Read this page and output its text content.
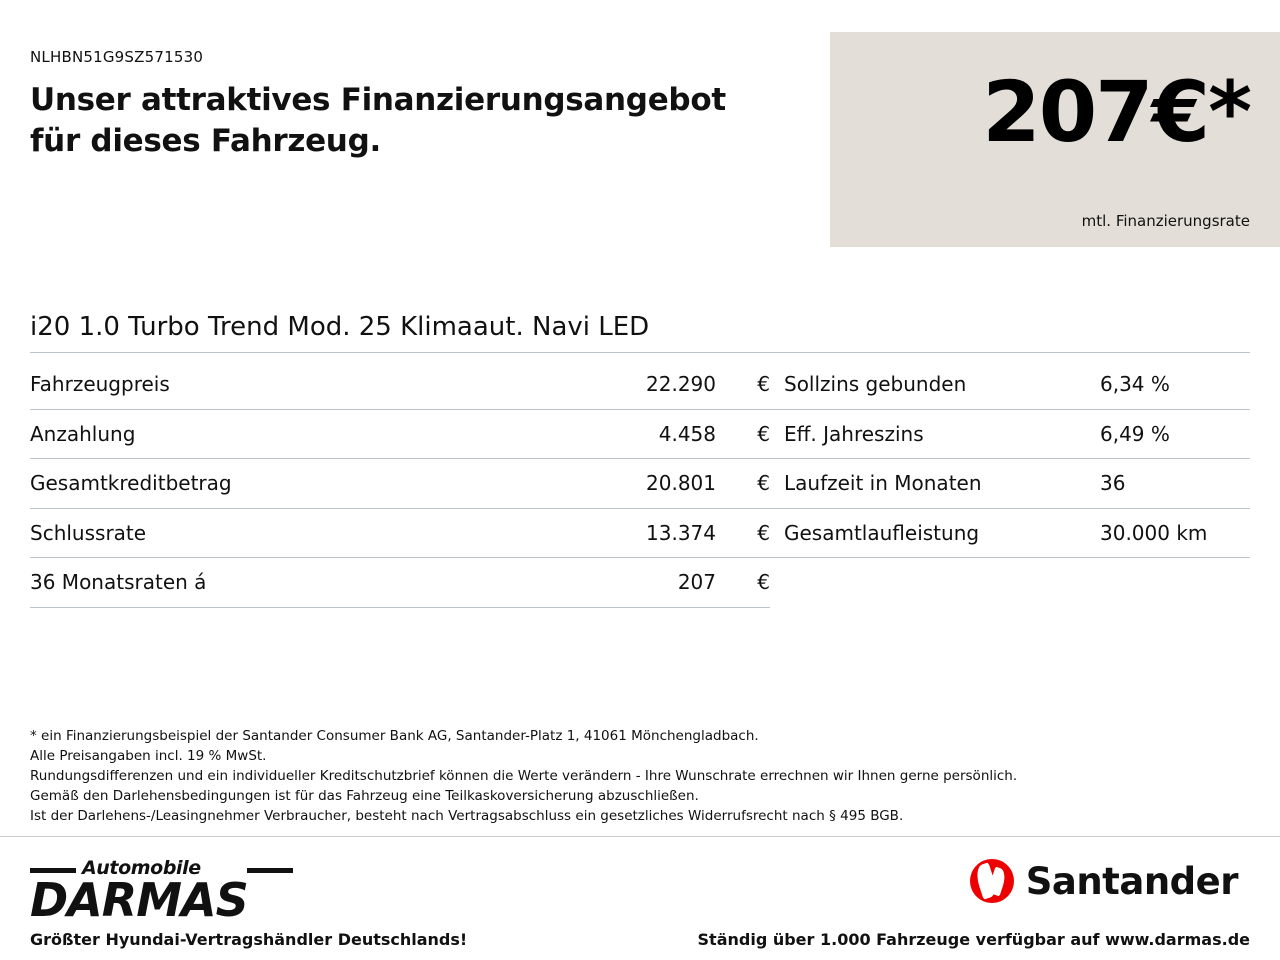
NLHBN51G9SZ571530
Unser attraktives Finanzierungsangebot
für dieses Fahrzeug.	207€*
mtl. Finanzierungsrate
i20 1.0 Turbo Trend Mod. 25 Klimaaut. Navi LED
Fahrzeugpreis	22.290	€ Sollzins gebunden	6,34 %
Anzahlung	4.458	€ Eff. Jahreszins	6,49 %
Gesamtkreditbetrag	20.801	€ Laufzeit in Monaten	36
Schlussrate	13.374	€ Gesamtlaufleistung	30.000 km
36 Monatsraten á	207	€
* ein Finanzierungsbeispiel der Santander Consumer Bank AG, Santander-Platz 1, 41061 Mönchengladbach.
Alle Preisangaben incl. 19 % MwSt.
Rundungsdifferenzen und ein individueller Kreditschutzbrief können die Werte verändern - Ihre Wunschrate errechnen wir Ihnen gerne persönlich.
Gemäß den Darlehensbedingungen ist für das Fahrzeug eine Teilkaskoversicherung abzuschließen.
Ist der Darlehens-/Leasingnehmer Verbraucher, besteht nach Vertragsabschluss ein gesetzliches Widerrufsrecht nach § 495 BGB.
Automobile
DARMAS	Santander
Größter Hyundai-Vertragshändler Deutschlands!	Ständig über 1.000 Fahrzeuge verfügbar auf www.darmas.de
